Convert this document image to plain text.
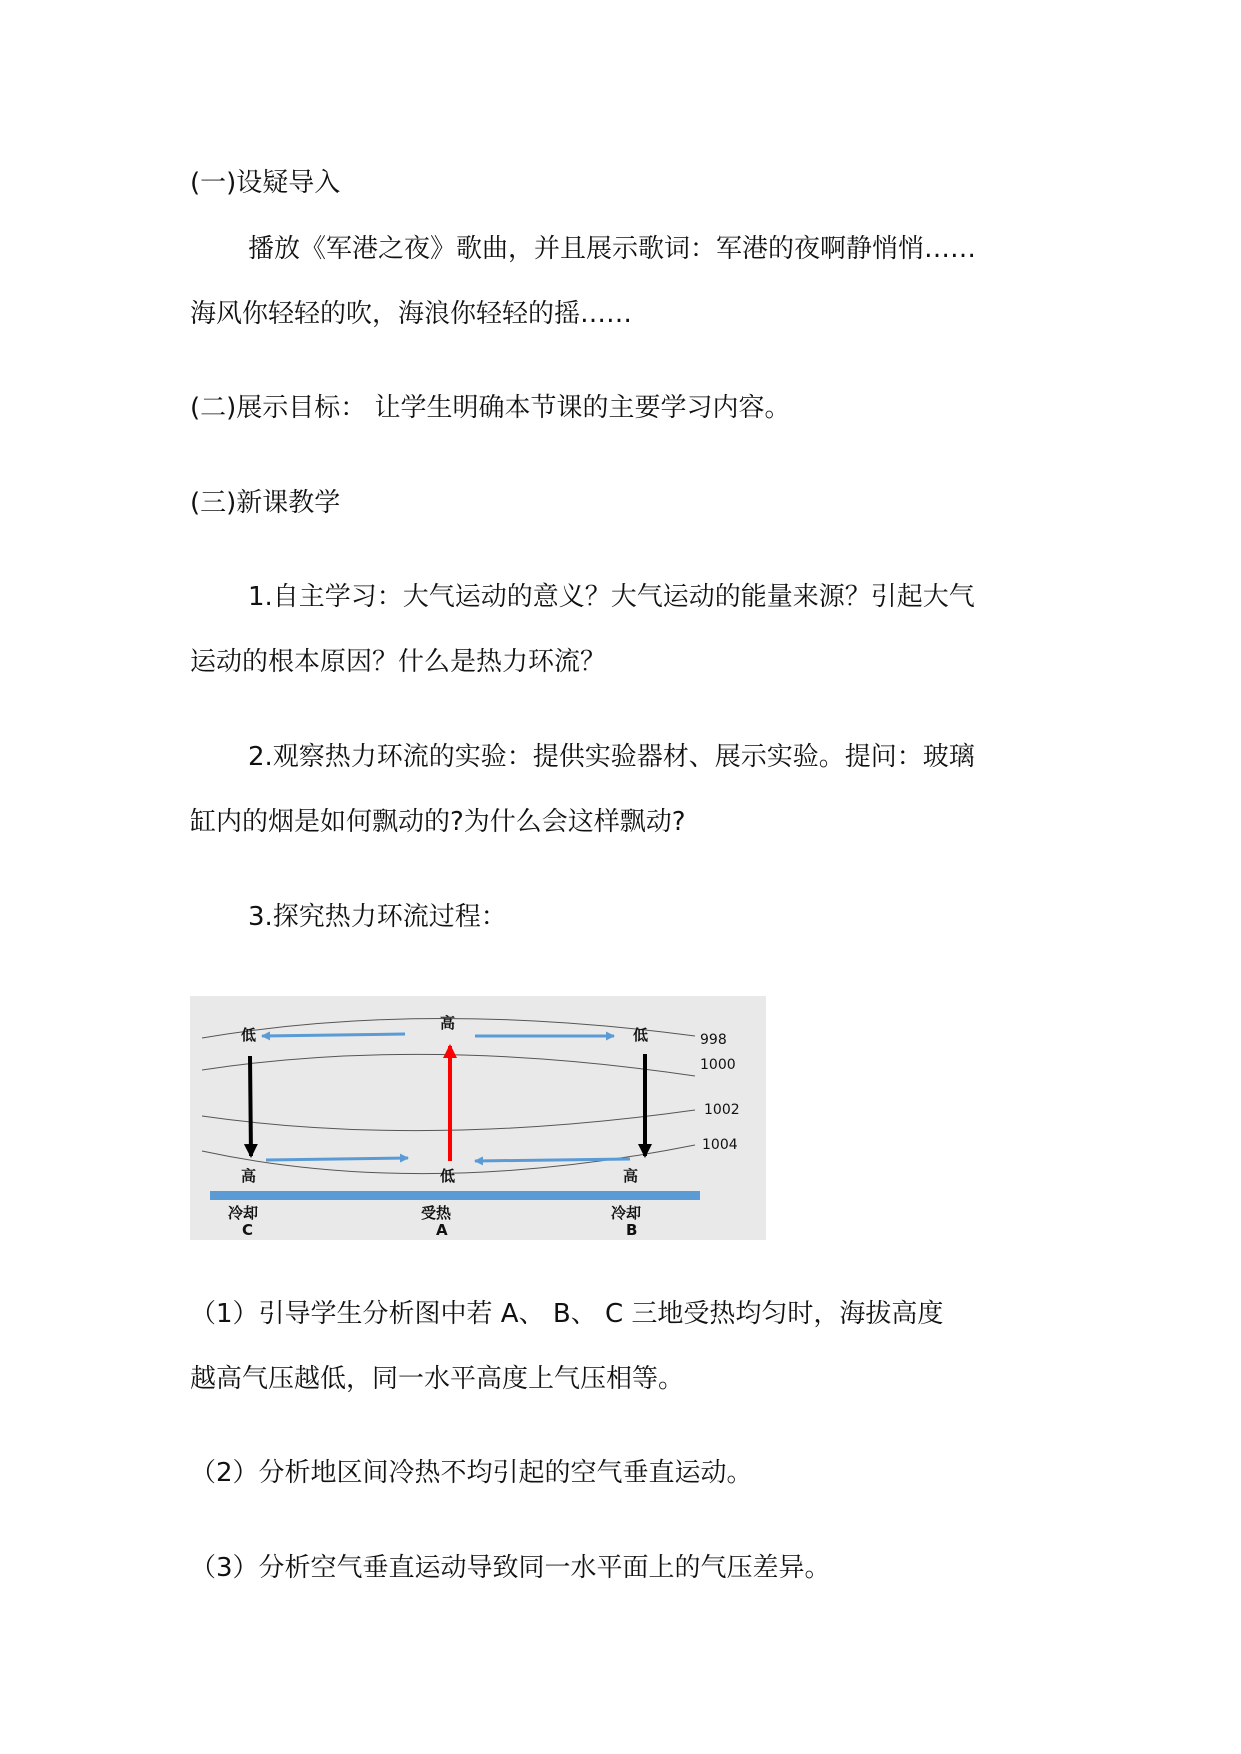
(一)设疑导入
播放《军港之夜》歌曲，并且展示歌词：军港的夜啊静悄悄……
海风你轻轻的吹，海浪你轻轻的摇……
(二)展示目标： 让学生明确本节课的主要学习内容。
(三)新课教学
1.自主学习：大气运动的意义？大气运动的能量来源？引起大气
运动的根本原因？什么是热力环流？
2.观察热力环流的实验：提供实验器材、展示实验。提问：玻璃
缸内的烟是如何飘动的?为什么会这样飘动?
3.探究热力环流过程：
998
1000
1002
1004
低
高
低
高	低	高
冷却
C
受热
A
冷却
B
（1）引导学生分析图中若 A、 B、 C 三地受热均匀时，海拔高度
越高气压越低，同一水平高度上气压相等。
（2）分析地区间冷热不均引起的空气垂直运动。
（3）分析空气垂直运动导致同一水平面上的气压差异。
